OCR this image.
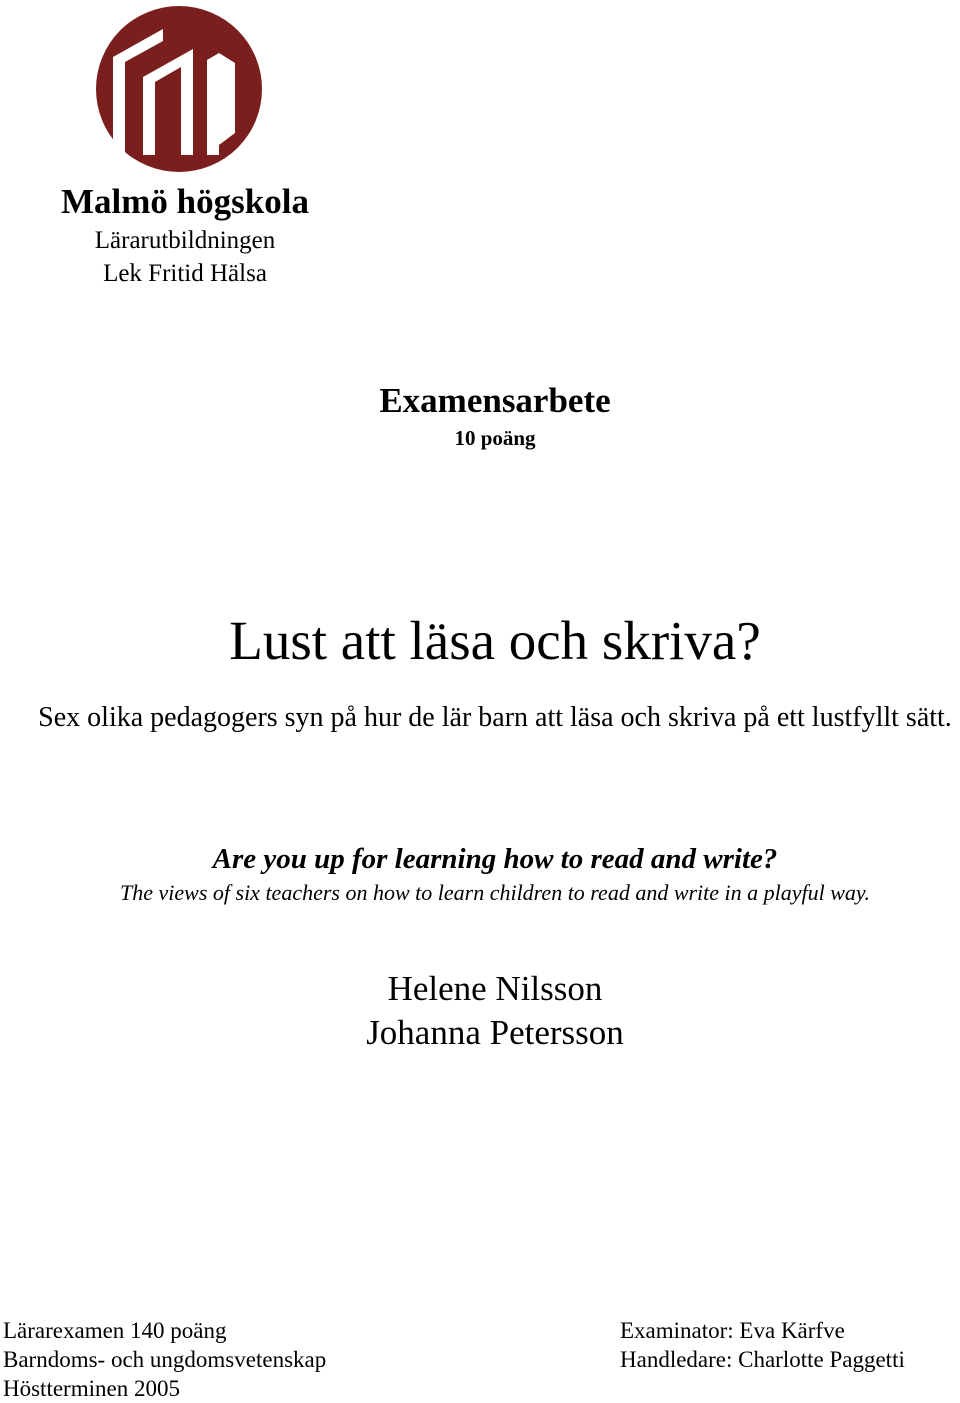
Malmö högskola
Lärarutbildningen
Lek Fritid Hälsa
Examensarbete
10 poäng
Lust att läsa och skriva?
Sex olika pedagogers syn på hur de lär barn att läsa och skriva på ett lustfyllt sätt.
Are you up for learning how to read and write?
The views of six teachers on how to learn children to read and write in a playful way.
Helene Nilsson
Johanna Petersson
Lärarexamen 140 poäng
Barndoms- och ungdomsvetenskap
Höstterminen 2005
Examinator: Eva Kärfve
Handledare: Charlotte Paggetti
